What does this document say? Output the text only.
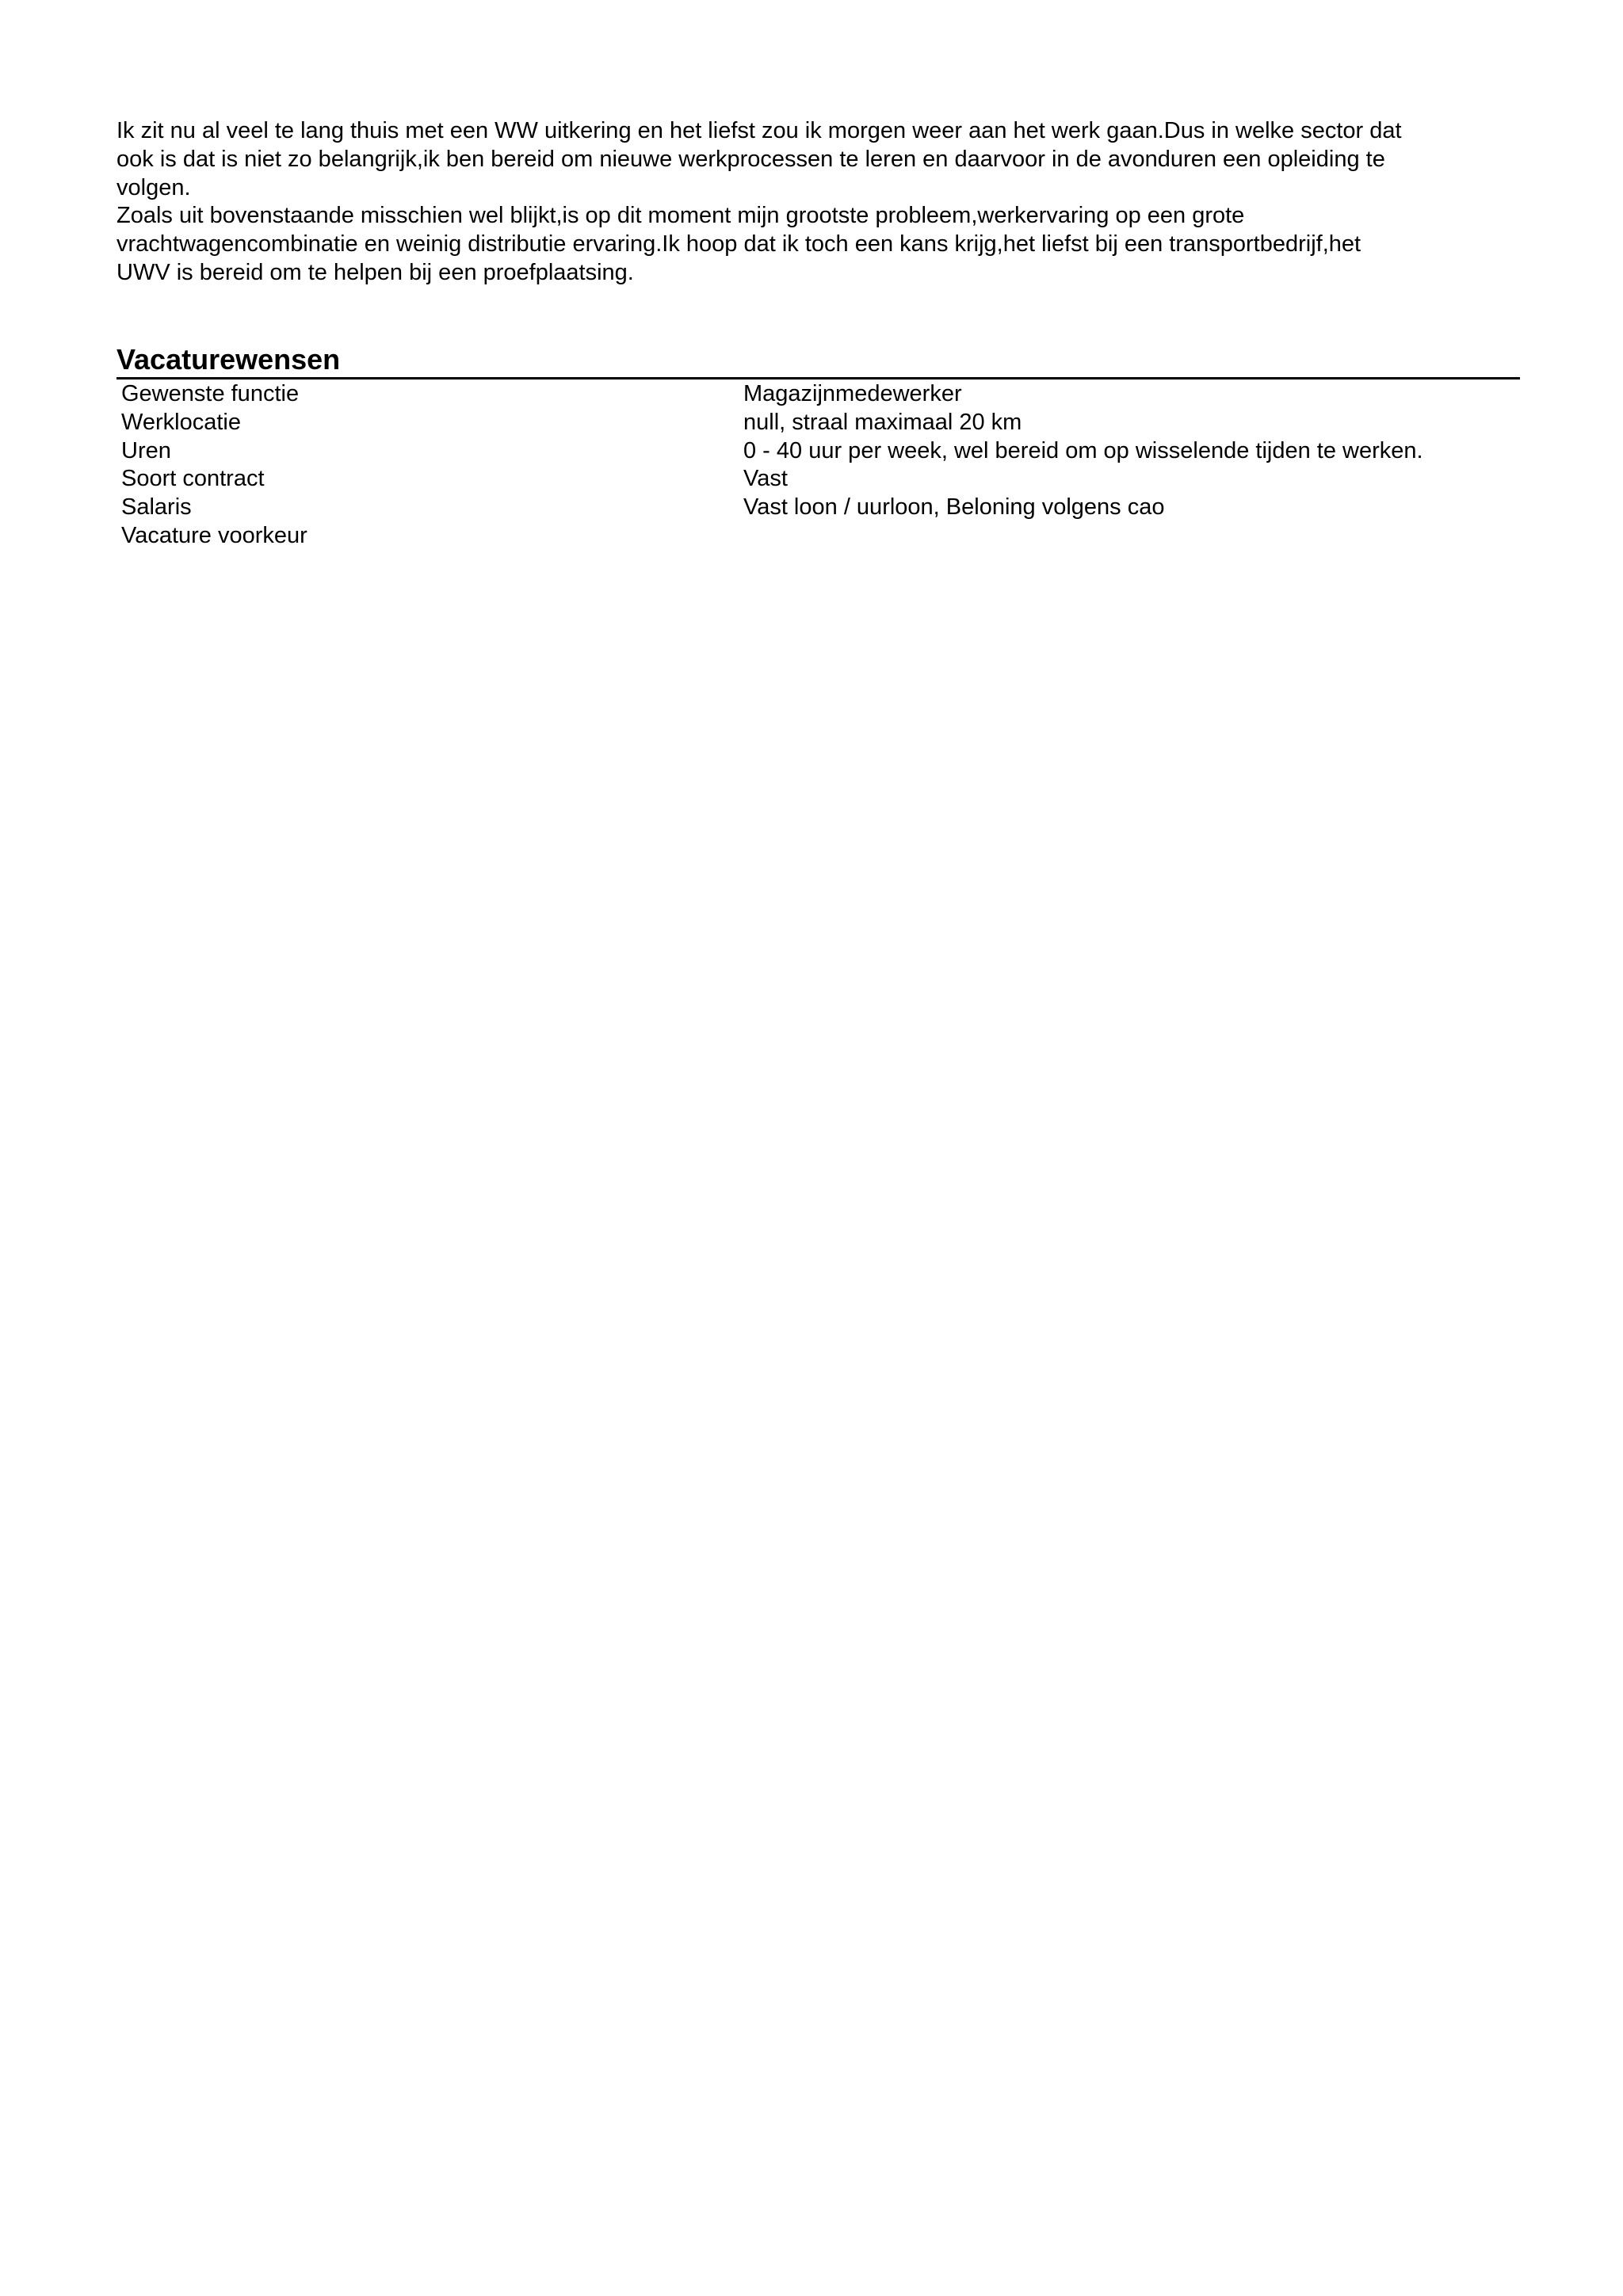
Ik zit nu al veel te lang thuis met een WW uitkering en het liefst zou ik morgen weer aan het werk gaan.Dus in welke sector dat
ook is dat is niet zo belangrijk,ik ben bereid om nieuwe werkprocessen te leren en daarvoor in de avonduren een opleiding te
volgen.
Zoals uit bovenstaande misschien wel blijkt,is op dit moment mijn grootste probleem,werkervaring op een grote
vrachtwagencombinatie en weinig distributie ervaring.Ik hoop dat ik toch een kans krijg,het liefst bij een transportbedrijf,het
UWV is bereid om te helpen bij een proefplaatsing.
Vacaturewensen
Gewenste functie	Magazijnmedewerker
Werklocatie	null, straal maximaal 20 km
Uren	0 - 40 uur per week, wel bereid om op wisselende tijden te werken.
Soort contract	Vast
Salaris	Vast loon / uurloon, Beloning volgens cao
Vacature voorkeur
